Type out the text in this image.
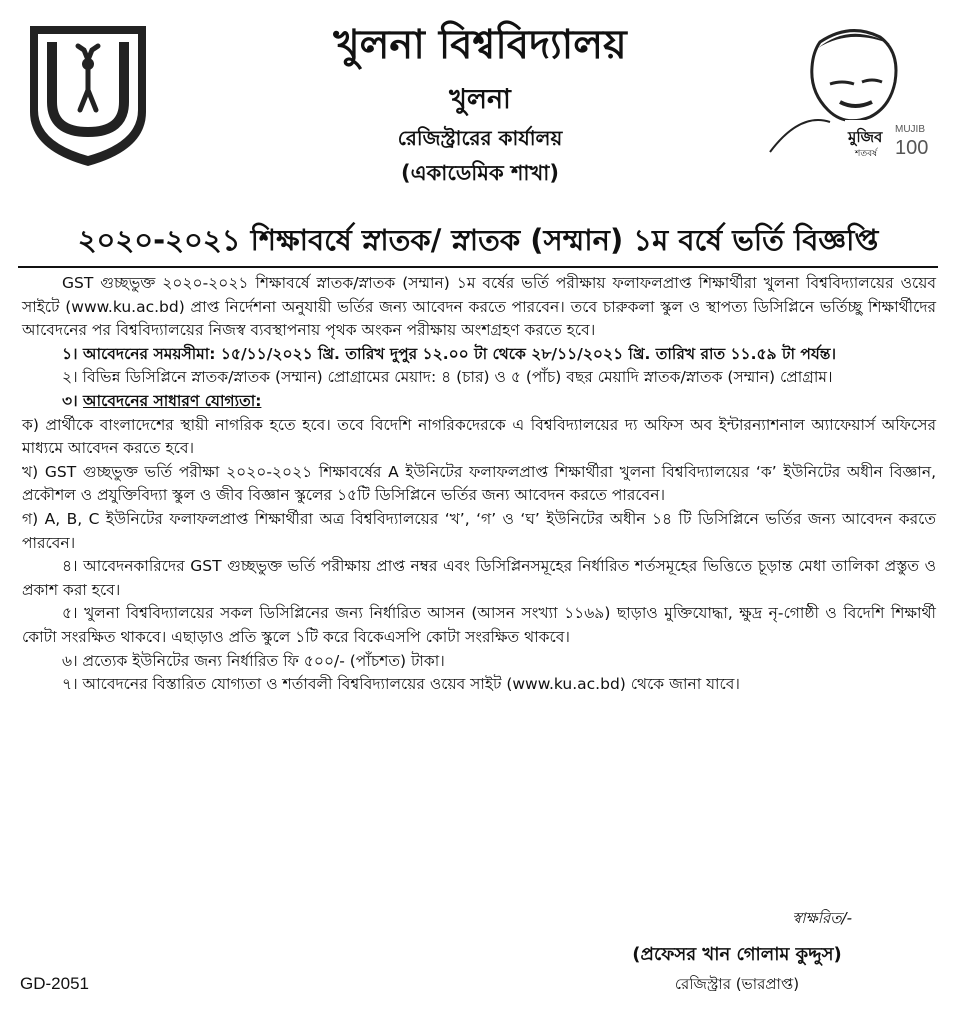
খুলনা বিশ্ববিদ্যালয়
খুলনা
রেজিস্ট্রারের কার্যালয়
(একাডেমিক শাখা)
মুজিব MUJIB
100
শতবর্ষ
২০২০-২০২১ শিক্ষাবর্ষে স্নাতক/ স্নাতক (সম্মান) ১ম বর্ষে ভর্তি বিজ্ঞপ্তি

GST গুচ্ছভুক্ত ২০২০-২০২১ শিক্ষাবর্ষে স্নাতক/স্নাতক (সম্মান) ১ম বর্ষের ভর্তি পরীক্ষায় ফলাফলপ্রাপ্ত শিক্ষার্থীরা খুলনা বিশ্ববিদ্যালয়ের ওয়েব সাইটে (www.ku.ac.bd) প্রাপ্ত নির্দেশনা অনুযায়ী ভর্তির জন্য আবেদন করতে পারবেন। তবে চারুকলা স্কুল ও স্থাপত্য ডিসিপ্লিনে ভর্তিচ্ছু শিক্ষার্থীদের আবেদনের পর বিশ্ববিদ্যালয়ের নিজস্ব ব্যবস্থাপনায় পৃথক অংকন পরীক্ষায় অংশগ্রহণ করতে হবে।

১। আবেদনের সময়সীমা: ১৫/১১/২০২১ খ্রি. তারিখ দুপুর ১২.০০ টা থেকে ২৮/১১/২০২১ খ্রি. তারিখ রাত ১১.৫৯ টা পর্যন্ত।

২। বিভিন্ন ডিসিপ্লিনে স্নাতক/স্নাতক (সম্মান) প্রোগ্রামের মেয়াদ: ৪ (চার) ও ৫ (পাঁচ) বছর মেয়াদি স্নাতক/স্নাতক (সম্মান) প্রোগ্রাম।

৩। আবেদনের সাধারণ যোগ্যতা:

ক) প্রার্থীকে বাংলাদেশের স্থায়ী নাগরিক হতে হবে। তবে বিদেশি নাগরিকদেরকে এ বিশ্ববিদ্যালয়ের দ্য অফিস অব ইন্টারন্যাশনাল অ্যাফেয়ার্স অফিসের মাধ্যমে আবেদন করতে হবে।

খ) GST গুচ্ছভুক্ত ভর্তি পরীক্ষা ২০২০-২০২১ শিক্ষাবর্ষের A ইউনিটের ফলাফলপ্রাপ্ত শিক্ষার্থীরা খুলনা বিশ্ববিদ্যালয়ের ‘ক’ ইউনিটের অধীন বিজ্ঞান, প্রকৌশল ও প্রযুক্তিবিদ্যা স্কুল ও জীব বিজ্ঞান স্কুলের ১৫টি ডিসিপ্লিনে ভর্তির জন্য আবেদন করতে পারবেন।

গ) A, B, C ইউনিটের ফলাফলপ্রাপ্ত শিক্ষার্থীরা অত্র বিশ্ববিদ্যালয়ের ‘খ’, ‘গ’ ও ‘ঘ’ ইউনিটের অধীন ১৪ টি ডিসিপ্লিনে ভর্তির জন্য আবেদন করতে পারবেন।

৪। আবেদনকারিদের GST গুচ্ছভুক্ত ভর্তি পরীক্ষায় প্রাপ্ত নম্বর এবং ডিসিপ্লিনসমূহের নির্ধারিত শর্তসমূহের ভিত্তিতে চূড়ান্ত মেধা তালিকা প্রস্তুত ও প্রকাশ করা হবে।

৫। খুলনা বিশ্ববিদ্যালয়ের সকল ডিসিপ্লিনের জন্য নির্ধারিত আসন (আসন সংখ্যা ১১৬৯) ছাড়াও মুক্তিযোদ্ধা, ক্ষুদ্র নৃ-গোষ্ঠী ও বিদেশি শিক্ষার্থী কোটা সংরক্ষিত থাকবে। এছাড়াও প্রতি স্কুলে ১টি করে বিকেএসপি কোটা সংরক্ষিত থাকবে।

৬। প্রত্যেক ইউনিটের জন্য নির্ধারিত ফি ৫০০/- (পাঁচশত) টাকা।

৭। আবেদনের বিস্তারিত যোগ্যতা ও শর্তাবলী বিশ্ববিদ্যালয়ের ওয়েব সাইট (www.ku.ac.bd) থেকে জানা যাবে।

স্বাক্ষরিত/-
(প্রফেসর খান গোলাম কুদ্দুস)
রেজিস্ট্রার (ভারপ্রাপ্ত)
GD-2051
